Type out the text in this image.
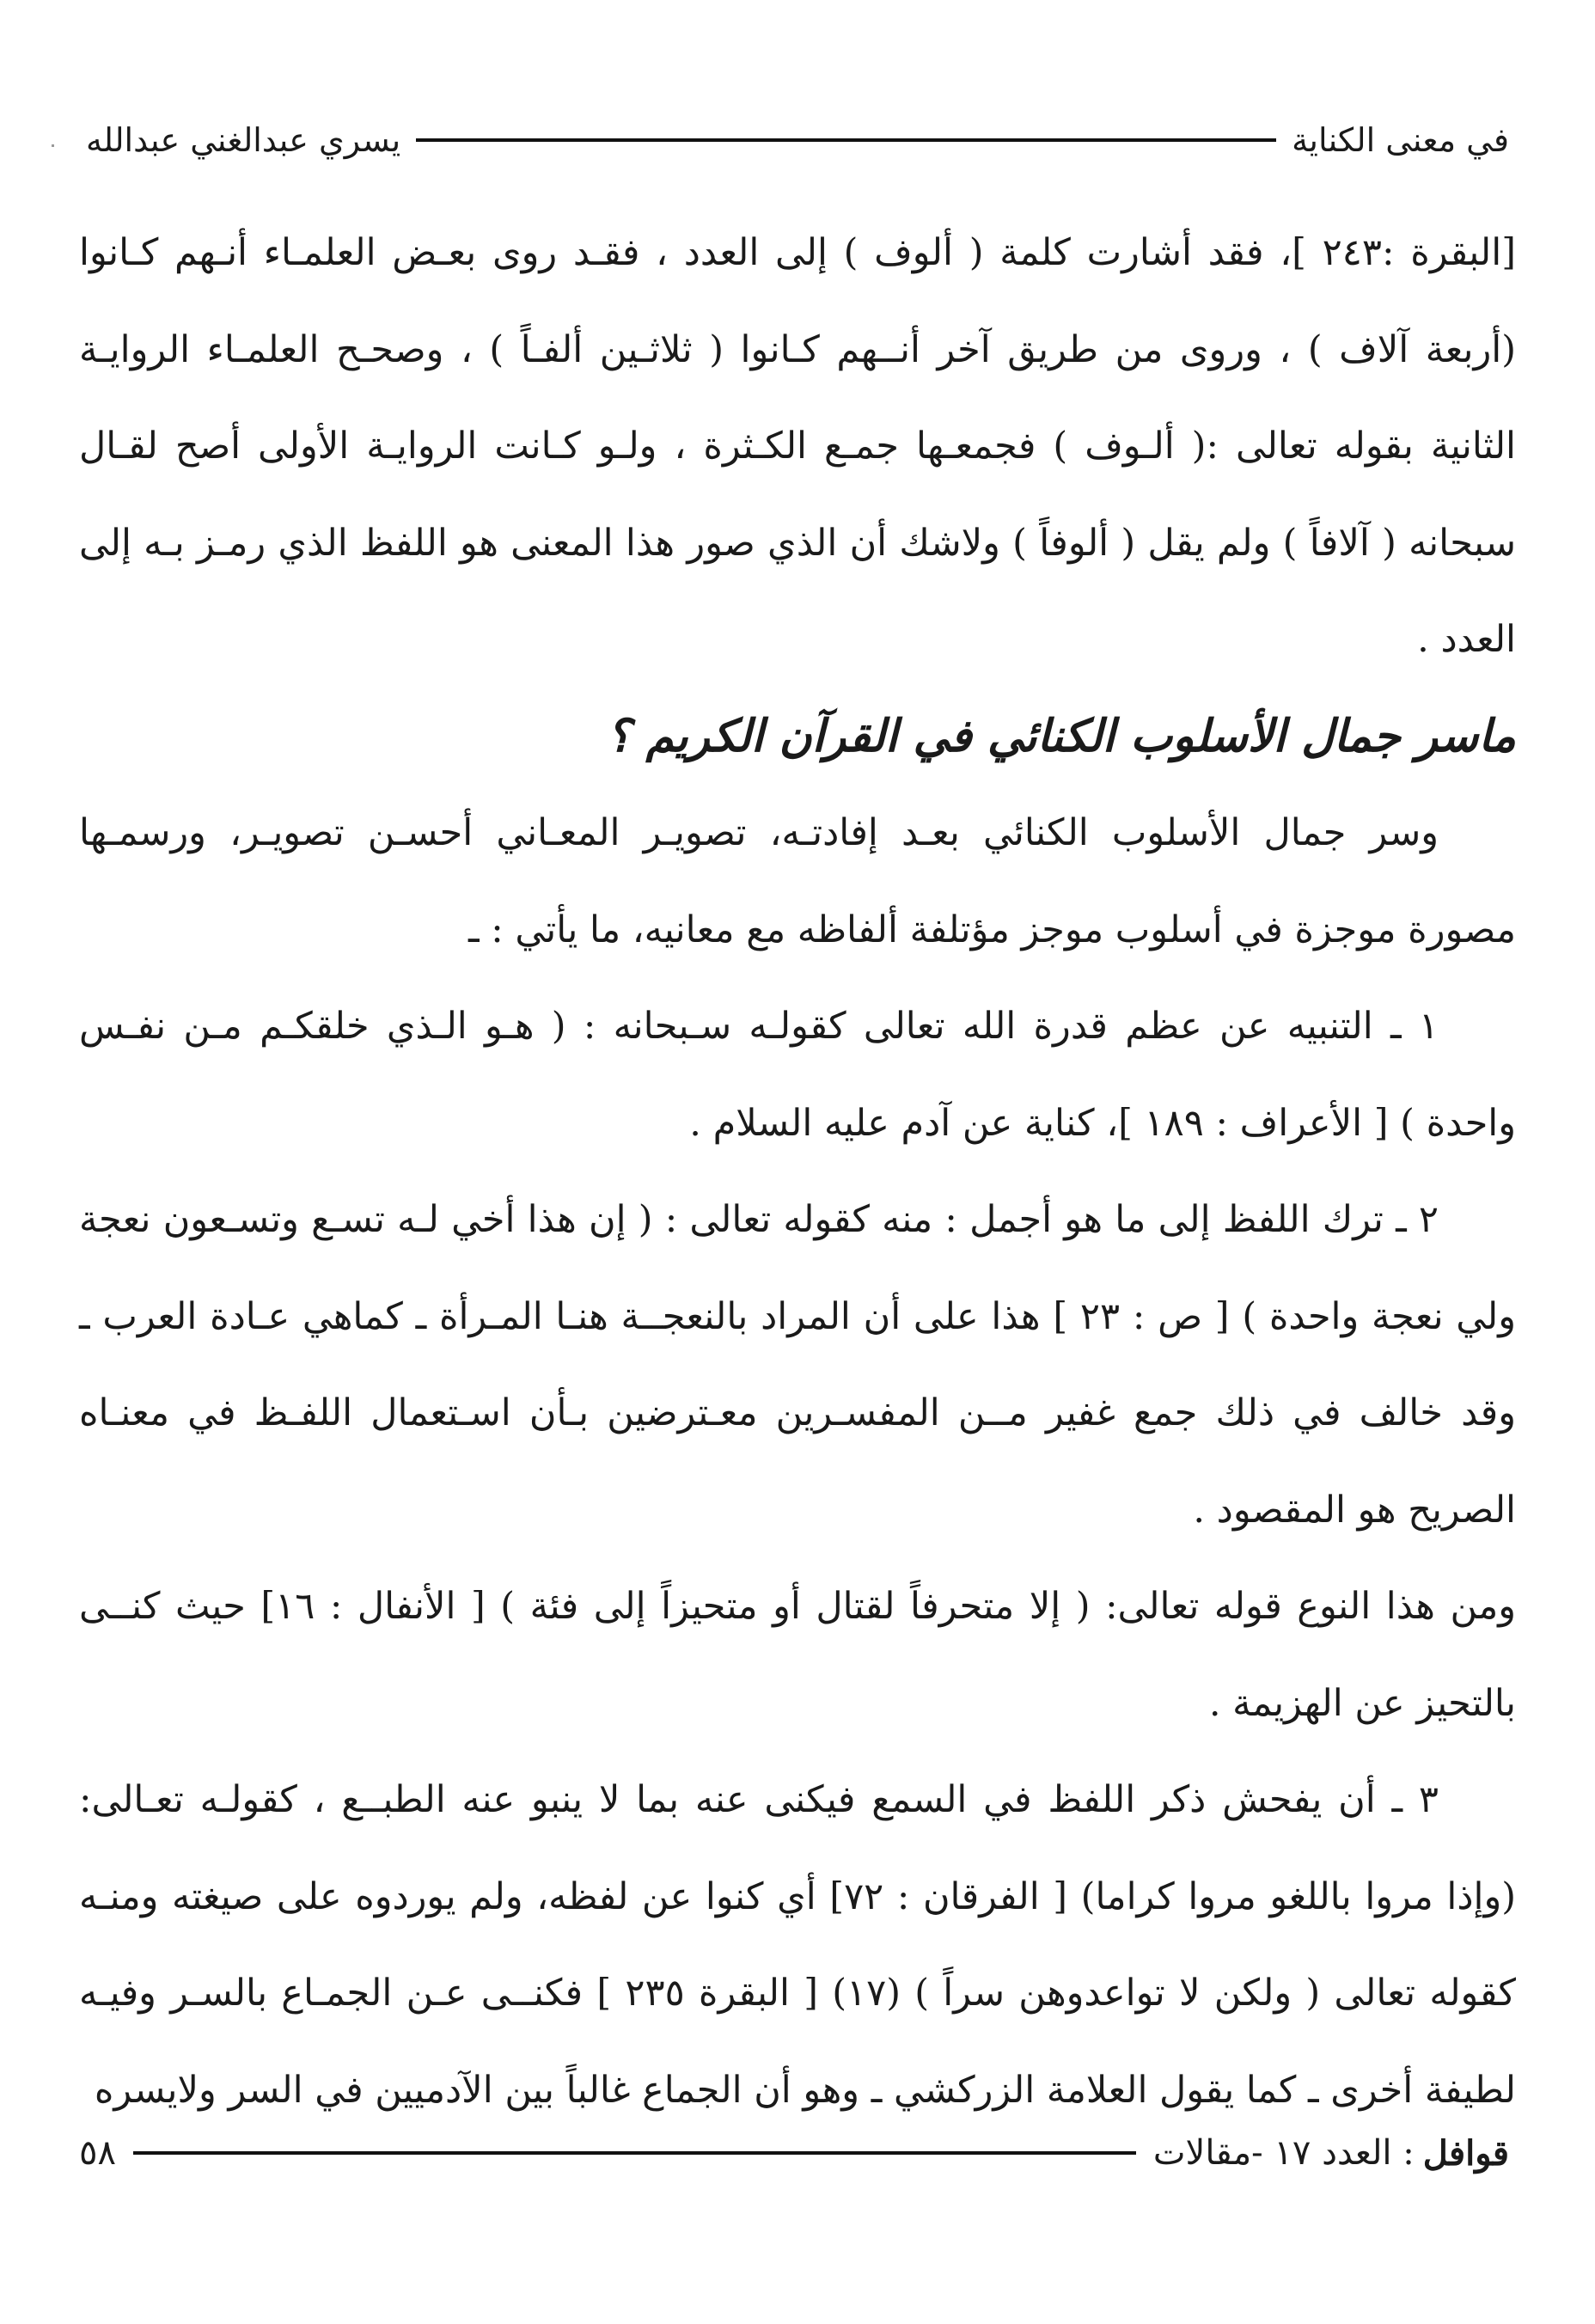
في معنى الكناية
يسري عبدالغني عبدالله

[البقرة :٢٤٣ ]، فقد أشارت كلمة ( ألوف ) إلى العدد ، فقـد روى بعـض العلمـاء أنـهم كـانوا (أربعة آلاف ) ، وروى من طريق آخر أنــهم كـانوا ( ثلاثـين ألفـاً ) ، وصحـح العلمـاء الروايـة الثانية بقوله تعالى :( ألـوف ) فجمعـها جمـع الكـثرة ، ولـو كـانت الروايـة الأولى أصح لقـال سبحانه ( آلافاً ) ولم يقل ( ألوفاً ) ولاشك أن الذي صور هذا المعنى هو اللفظ الذي رمـز بـه إلى العدد .

ماسر جمال الأسلوب الكنائي في القرآن الكريم ؟

وسر جمال الأسلوب الكنائي بعـد إفادتـه، تصويـر المعـاني أحسـن تصويـر، ورسمـها مصورة موجزة في أسلوب موجز مؤتلفة ألفاظه مع معانيه، ما يأتي : ـ

١ ـ التنبيه عن عظم قدرة الله تعالى كقولـه سـبحانه : ( هـو الـذي خلقكـم مـن نفـس واحدة ) [ الأعراف : ١٨٩ ]، كناية عن آدم عليه السلام .

٢ ـ ترك اللفظ إلى ما هو أجمل : منه كقوله تعالى : ( إن هذا أخي لـه تسـع وتسـعون نعجة ولي نعجة واحدة ) [ ص : ٢٣ ] هذا على أن المراد بالنعجــة هنـا المـرأة ـ كماهي عـادة العرب ـ وقد خالف في ذلك جمع غفير مــن المفسـرين معـترضين بـأن اسـتعمال اللفـظ في معنـاه الصريح هو المقصود .

ومن هذا النوع قوله تعالى: ( إلا متحرفاً لقتال أو متحيزاً إلى فئة ) [ الأنفال : ١٦] حيث كنــى بالتحيز عن الهزيمة .

٣ ـ أن يفحش ذكر اللفظ في السمع فيكنى عنه بما لا ينبو عنه الطبــع ، كقولـه تعـالى: (وإذا مروا باللغو مروا كراما) [ الفرقان : ٧٢] أي كنوا عن لفظه، ولم يوردوه على صيغته ومنـه كقوله تعالى ( ولكن لا تواعدوهن سراً ) (١٧) [ البقرة ٢٣٥ ] فكنــى عـن الجمـاع بالسـر وفيـه لطيفة أخرى ـ كما يقول العلامة الزركشي ـ وهو أن الجماع غالباً بين الآدميين في السر ولايسره

قوافل
: العدد ١٧ -مقالات
٥٨
